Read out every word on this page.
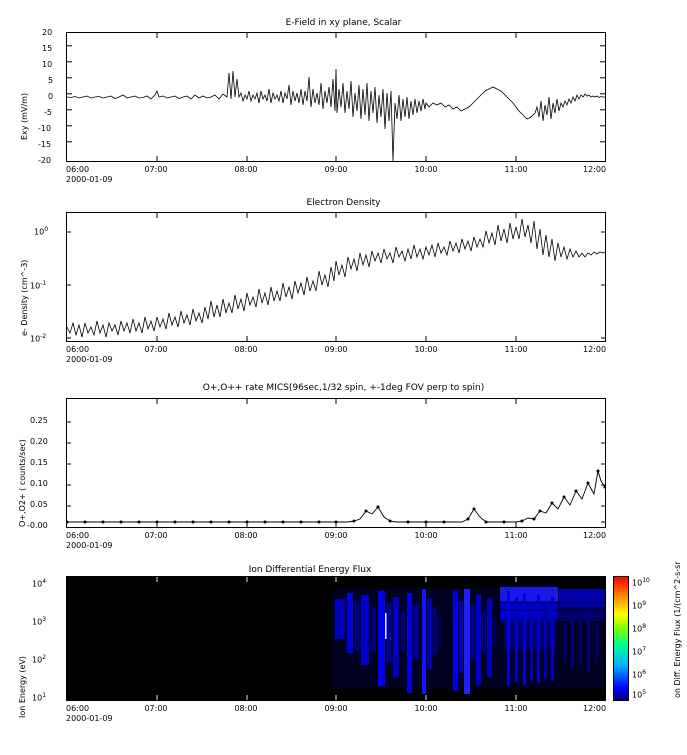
E-Field in xy plane, Scalar
Exy (mV/m)
20
15
10
5
0
-5
-10
-15
-20
06:00	07:00	08:00	09:00	10:00	11:00	12:00
2000-01-09
Electron Density
e- Density (cm^-3)
$10^0$
$10^{-1}$
$10^{-2}$
06:00	07:00	08:00	09:00	10:00	11:00	12:00
2000-01-09
O+,O++ rate MICS(96sec,1/32 spin, +-1deg FOV perp to spin)
O+,O2+ ( counts/sec)
0.25
0.20
0.15
0.10
0.05
-0.00
06:00	07:00	08:00	09:00	10:00	11:00	12:00
2000-01-09
Ion Differential Energy Flux
Ion Energy (eV)
$10^4$
$10^3$
$10^2$
$10^1$
$10^{10}$
$10^9$
$10^8$
$10^7$
$10^6$
$10^5$	on Diff. Energy Flux (1/(cm^2-s-sr
06:00	07:00	08:00	09:00	10:00	11:00	12:00
2000-01-09
